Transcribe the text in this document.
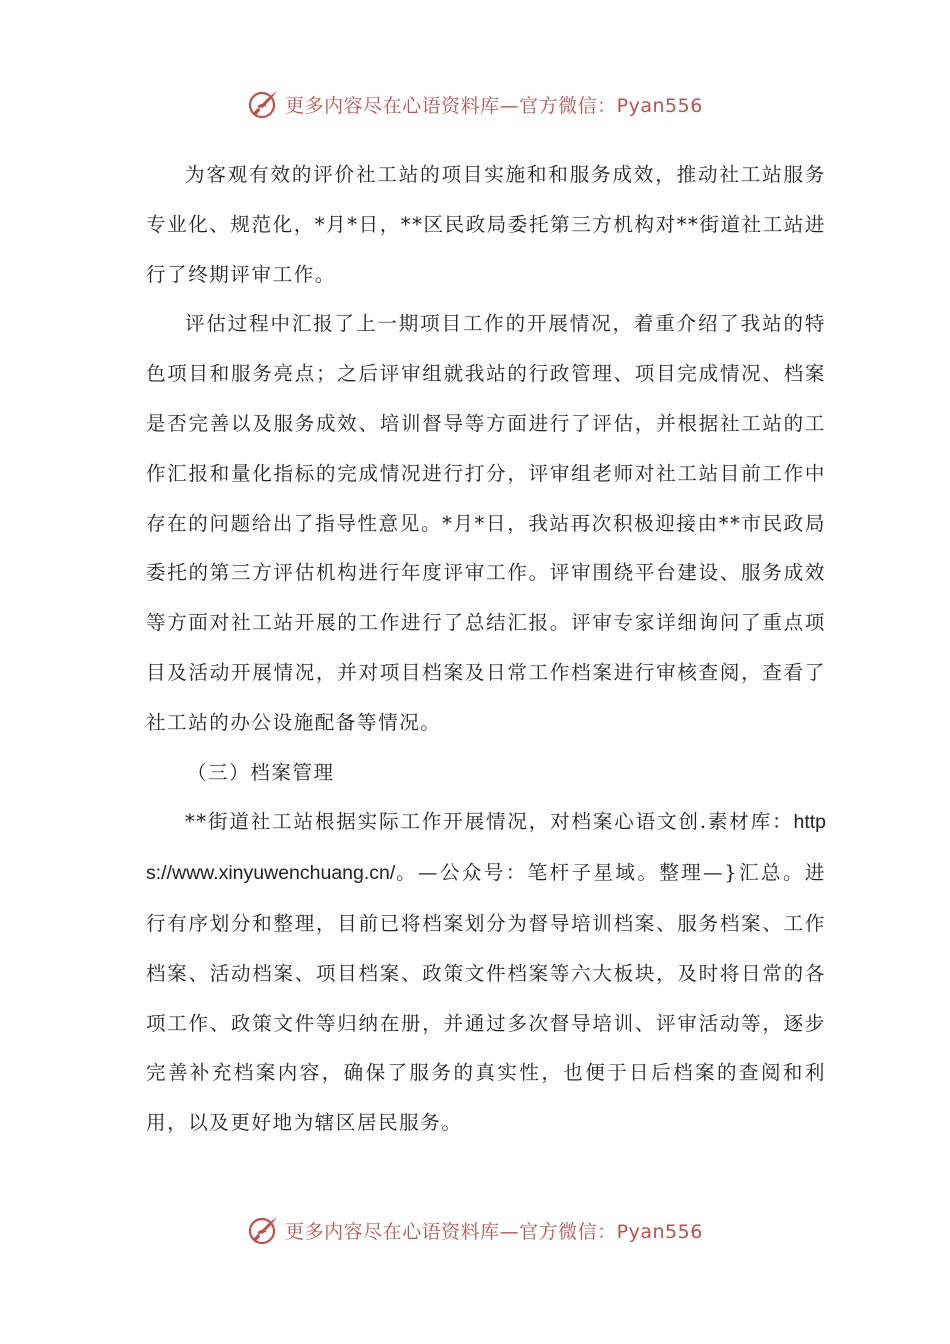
更多内容尽在心语资料库—官方微信：Pyan556

为客观有效的评价社工站的项目实施和和服务成效，推动社工站服务专业化、规范化，*月*日，**区民政局委托第三方机构对**街道社工站进行了终期评审工作。

评估过程中汇报了上一期项目工作的开展情况，着重介绍了我站的特色项目和服务亮点；之后评审组就我站的行政管理、项目完成情况、档案是否完善以及服务成效、培训督导等方面进行了评估，并根据社工站的工作汇报和量化指标的完成情况进行打分，评审组老师对社工站目前工作中存在的问题给出了指导性意见。*月*日，我站再次积极迎接由**市民政局委托的第三方评估机构进行年度评审工作。评审围绕平台建设、服务成效等方面对社工站开展的工作进行了总结汇报。评审专家详细询问了重点项目及活动开展情况，并对项目档案及日常工作档案进行审核查阅，查看了社工站的办公设施配备等情况。

（三）档案管理

**街道社工站根据实际工作开展情况，对档案心语文创.素材库：https://www.xinyuwenchuang.cn/。—公众号：笔杆子星域。整理—}汇总。进行有序划分和整理，目前已将档案划分为督导培训档案、服务档案、工作档案、活动档案、项目档案、政策文件档案等六大板块，及时将日常的各项工作、政策文件等归纳在册，并通过多次督导培训、评审活动等，逐步完善补充档案内容，确保了服务的真实性，也便于日后档案的查阅和利用，以及更好地为辖区居民服务。

更多内容尽在心语资料库—官方微信：Pyan556
